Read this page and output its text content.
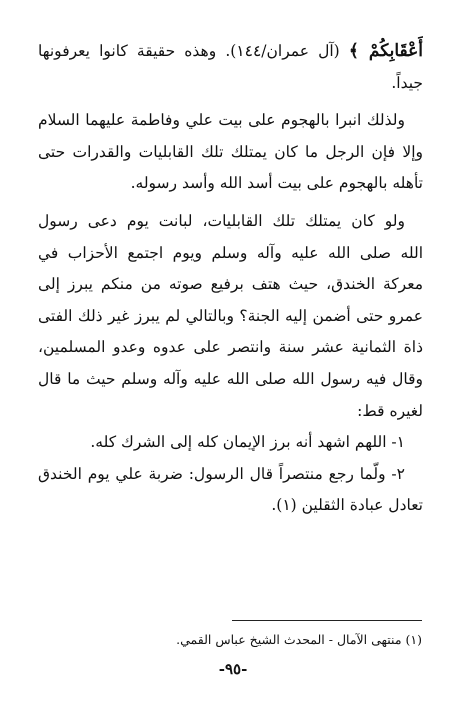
أَعْقَابِكُمْ ﴾ (آل عمران/١٤٤). وهذه حقيقة كانوا يعرفونها
جيداً.
ولذلك انبرا بالهجوم على بيت علي وفاطمة عليهما السلام
وإلا فإن الرجل ما كان يمتلك تلك القابليات والقدرات حتى
تأهله بالهجوم على بيت أسد الله وأسد رسوله.
ولو كان يمتلك تلك القابليات، لبانت يوم دعى رسول
الله صلى الله عليه وآله وسلم ويوم اجتمع الأحزاب في
معركة الخندق، حيث هتف برفيع صوته من منكم يبرز إلى
عمرو حتى أضمن إليه الجنة؟ وبالتالي لم يبرز غير ذلك الفتى
ذاة الثمانية عشر سنة وانتصر على عدوه وعدو المسلمين،
وقال فيه رسول الله صلى الله عليه وآله وسلم حيث ما قال
لغيره قط:
١- اللهم اشهد أنه برز الإيمان كله إلى الشرك كله.
٢- ولّما رجع منتصراً قال الرسول: ضربة علي يوم الخندق
تعادل عبادة الثقلين (١).
(١) منتهى الآمال - المحدث الشيخ عباس القمي.
-٩٥-
